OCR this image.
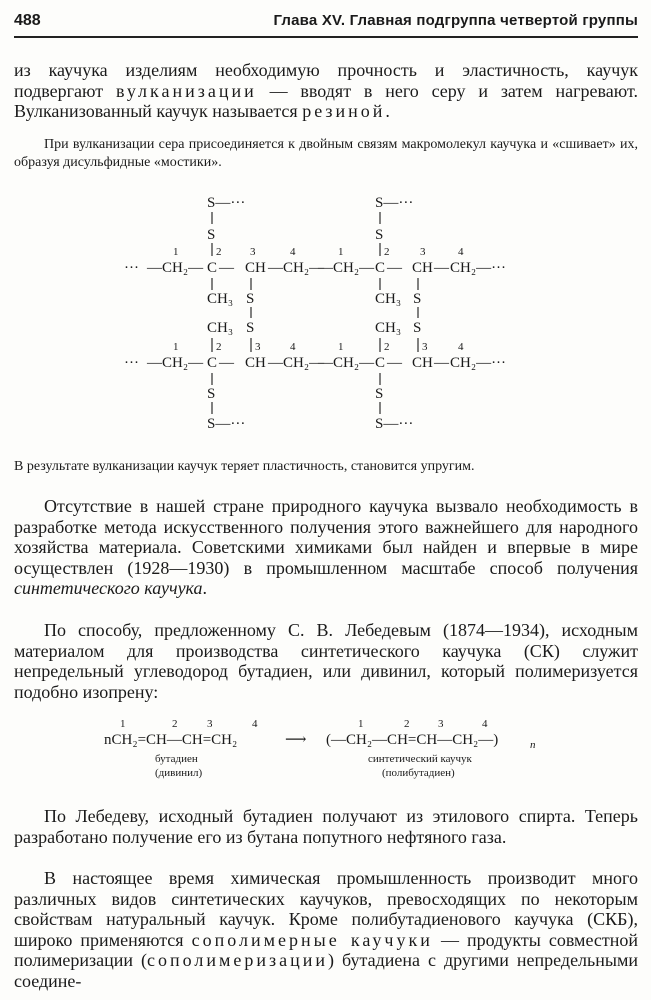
488	Глава XV. Главная подгруппа четвертой группы

из каучука изделиям необходимую прочность и эластичность, каучук подвергают вулканизации — вводят в него серу и затем нагревают. Вулканизованный каучук называется резиной.

При вулканизации сера присоединяется к двойным связям макромолекул каучука и «сшивает» их, образуя дисульфидные «мостики».

S—···
S
S—···
S
1	2	3	4	1	2	3	4
··· —CH₂— C — CH —CH₂—
—CH₂— C — CH — CH₂—···
CH₃ S	CH₃ S
CH₃ S	CH₃ S
1	2	3	4	1	2	3	4
··· —CH₂— C — CH —CH₂—
—CH₂— C — CH — CH₂—···
S
S—···
S
S—···
1	2	3	4	1	2	3	4
nCH₂=CH—CH=CH₂	⟶ (—CH₂—CH=CH—CH₂—)	n
бутадиен
(дивинил)
синтетический каучук
(полибутадиен)

В результате вулканизации каучук теряет пластичность, становится упругим.

Отсутствие в нашей стране природного каучука вызвало необходимость в разработке метода искусственного получения этого важнейшего для народного хозяйства материала. Советскими химиками был найден и впервые в мире осуществлен (1928—1930) в промышленном масштабе способ получения синтетического каучука.

По способу, предложенному С. В. Лебедевым (1874—1934), исходным материалом для производства синтетического каучука (СК) служит непредельный углеводород бутадиен, или дивинил, который полимеризуется подобно изопрену:

По Лебедеву, исходный бутадиен получают из этилового спирта. Теперь разработано получение его из бутана попутного нефтяного газа.

В настоящее время химическая промышленность производит много различных видов синтетических каучуков, превосходящих по некоторым свойствам натуральный каучук. Кроме полибутадиенового каучука (СКБ), широко применяются сополимерные каучуки — продукты совместной полимеризации (сополимеризации) бутадиена с другими непредельными соедине-
